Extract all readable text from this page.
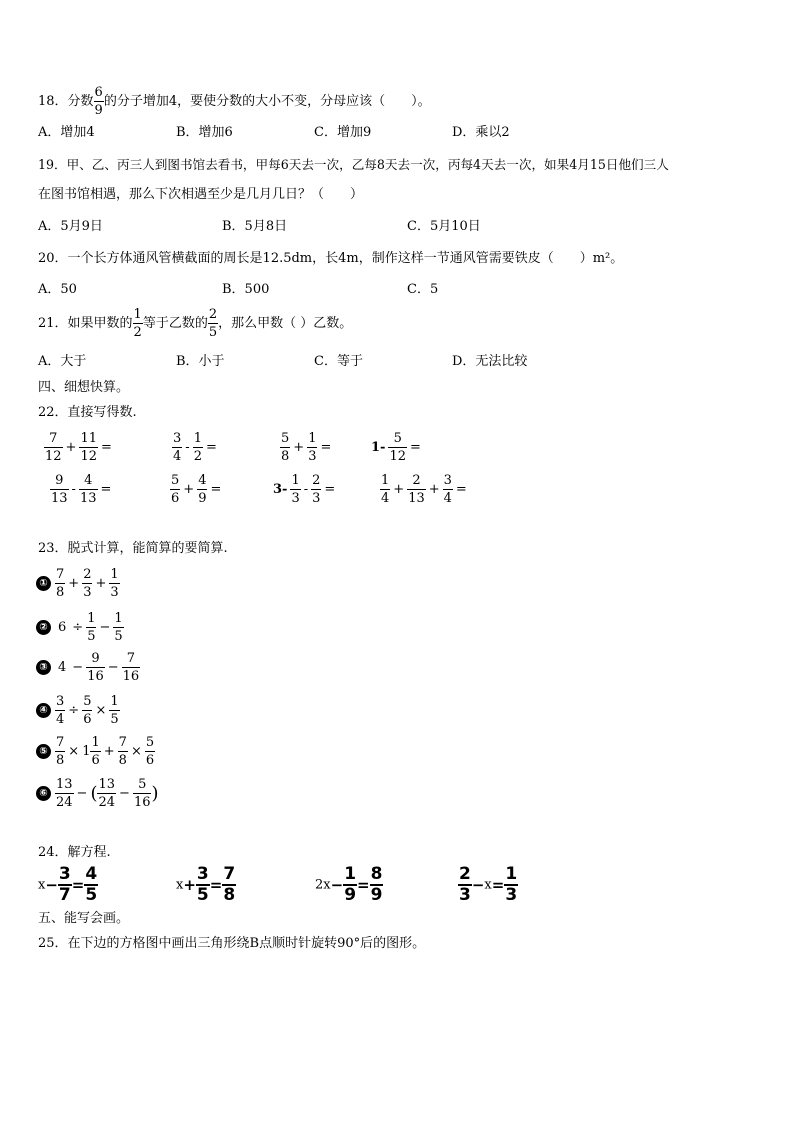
18．分数 $\frac{6}{9}$ 的分子增加4，要使分数的大小不变，分母应该（　　）。
A．增加4	B．增加6	C．增加9	D．乘以2
19．甲、乙、丙三人到图书馆去看书，甲每6天去一次，乙每8天去一次，丙每4天去一次，如果4月15日他们三人
在图书馆相遇，那么下次相遇至少是几月几日？（　　）
A．5月9日	B．5月8日	C．5月10日
20．一个长方体通风管横截面的周长是12.5dm，长4m，制作这样一节通风管需要铁皮（　　）m²。
A．50	B．500	C．5
21．如果甲数的 $\frac{1}{2}$ 等于乙数的 $\frac{2}{5}$ ，那么甲数（ ）乙数。
A．大于	B．小于	C．等于	D．无法比较
四、细想快算。
22．直接写得数.
$\frac{7}{12} + \frac{11}{12}$ =	$\frac{3}{4} - \frac{1}{2}$ =	$\frac{5}{8} + \frac{1}{3}$ =	$1- \frac{5}{12}$ =
$\frac{9}{13} - \frac{4}{13}$ =	$\frac{5}{6} + \frac{4}{9}$ =	$3- \frac{1}{3} - \frac{2}{3}$ =	$\frac{1}{4} + \frac{2}{13} + \frac{3}{4}$ =
23．脱式计算，能简算的要简算.
① $\frac{7}{8} + \frac{2}{3} + \frac{1}{3}$
② $6 \div \frac{1}{5} - \frac{1}{5}$
③ $4 - \frac{9}{16} - \frac{7}{16}$
④ $\frac{3}{4} \div \frac{5}{6} \times \frac{1}{5}$
⑤ $\frac{7}{8} \times 1 \frac{1}{6} + \frac{7}{8} \times \frac{5}{6}$
⑥ $\frac{13}{24}$ − ( $\frac{13}{24} - \frac{5}{16}$ )
24．解方程.
$x- \frac{3}{7} = \frac{4}{5}$	$x+ \frac{3}{5} = \frac{7}{8}$	$2x- \frac{1}{9} = \frac{8}{9}$	$\frac{2}{3} -x= \frac{1}{3}$
五、能写会画。
25．在下边的方格图中画出三角形绕B点顺时针旋转90°后的图形。
